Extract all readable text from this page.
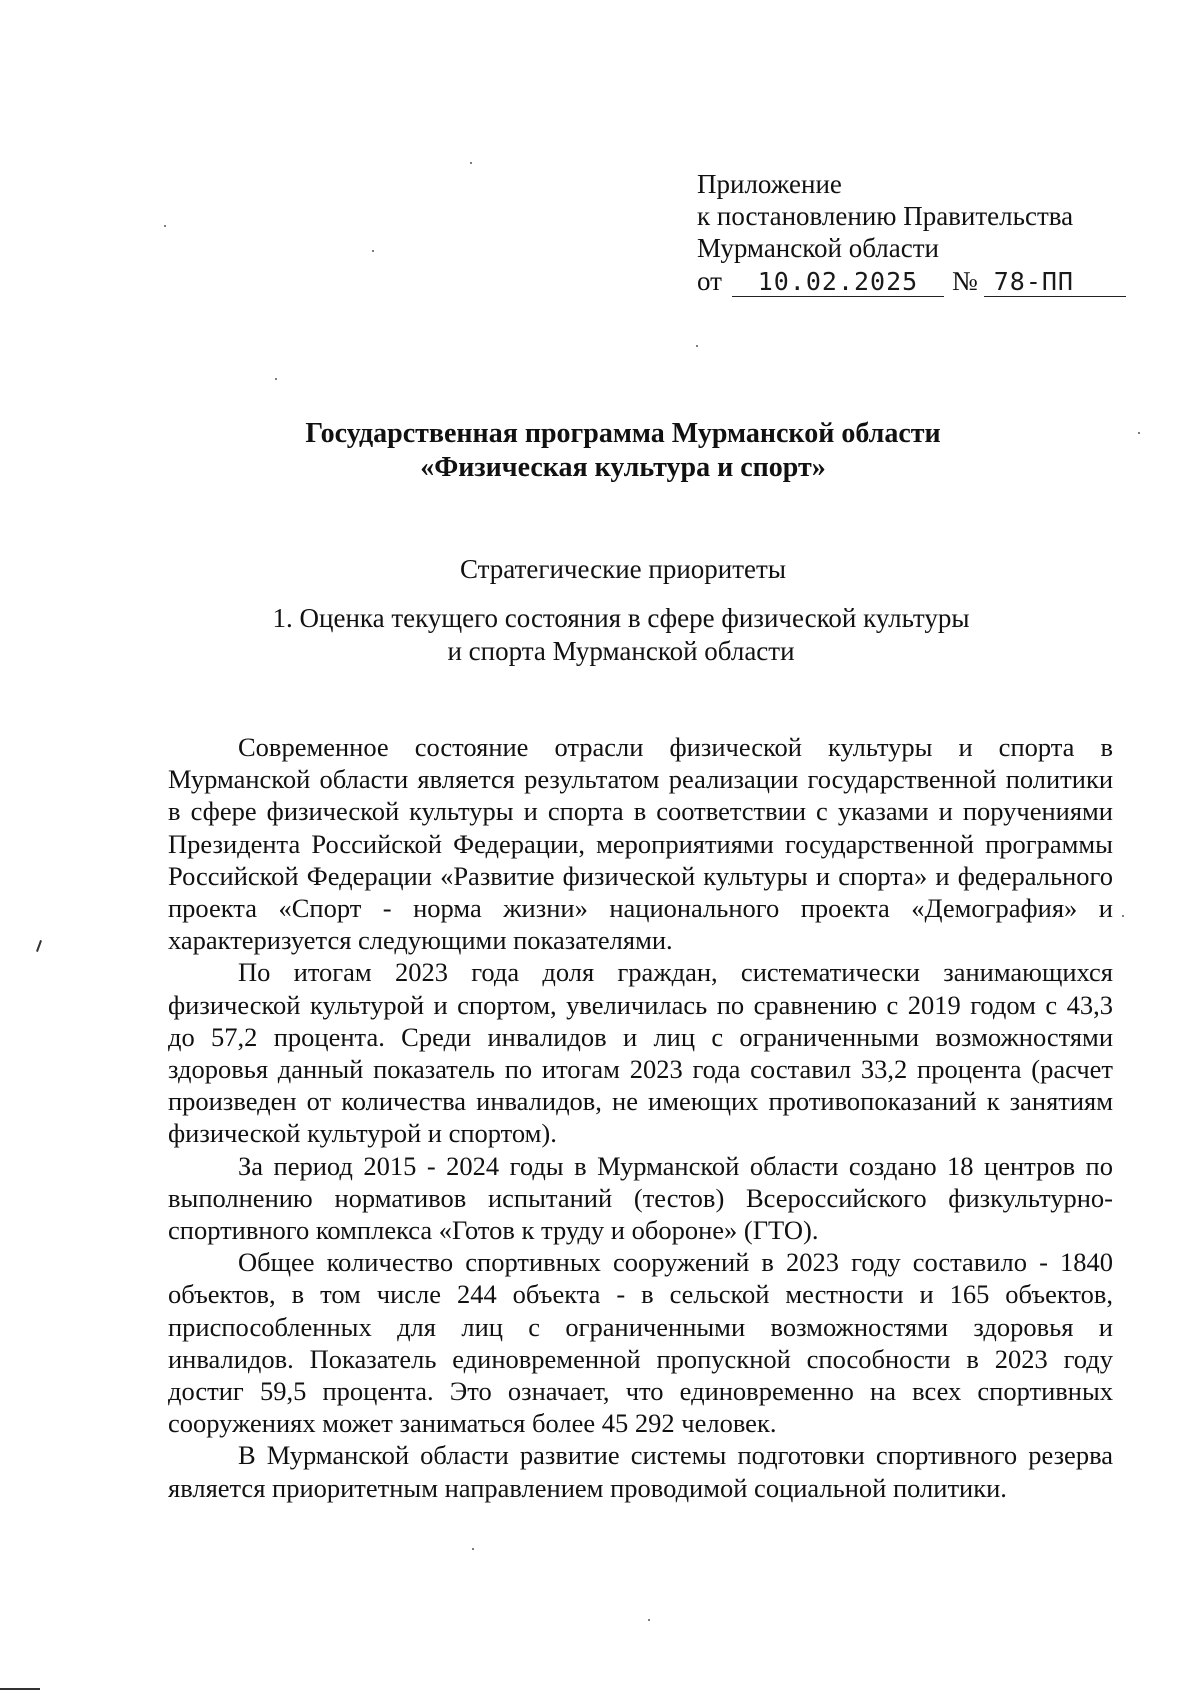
Приложение
к постановлению Правительства
Мурманской области
от	10.02.2025	№ 78-ПП
Государственная программа Мурманской области
«Физическая культура и спорт»
Стратегические приоритеты
1. Оценка текущего состояния в сфере физической культуры
и спорта Мурманской области

Современное состояние отрасли физической культуры и спорта в Мурманской области является результатом реализации государственной политики в сфере физической культуры и спорта в соответствии с указами и поручениями Президента Российской Федерации, мероприятиями государственной программы Российской Федерации «Развитие физической культуры и спорта» и федерального проекта «Спорт - норма жизни» национального проекта «Демография» и характеризуется следующими показателями.

По итогам 2023 года доля граждан, систематически занимающихся физической культурой и спортом, увеличилась по сравнению с 2019 годом с 43,3 до 57,2 процента. Среди инвалидов и лиц с ограниченными возможностями здоровья данный показатель по итогам 2023 года составил 33,2 процента (расчет произведен от количества инвалидов, не имеющих противопоказаний к занятиям физической культурой и спортом).

За период 2015 - 2024 годы в Мурманской области создано 18 центров по выполнению нормативов испытаний (тестов) Всероссийского физкультурно-спортивного комплекса «Готов к труду и обороне» (ГТО).

Общее количество спортивных сооружений в 2023 году составило - 1840 объектов, в том числе 244 объекта - в сельской местности и 165 объектов, приспособленных для лиц с ограниченными возможностями здоровья и инвалидов. Показатель единовременной пропускной способности в 2023 году достиг 59,5 процента. Это означает, что единовременно на всех спортивных сооружениях может заниматься более 45 292 человек.

В Мурманской области развитие системы подготовки спортивного резерва является приоритетным направлением проводимой социальной политики.
